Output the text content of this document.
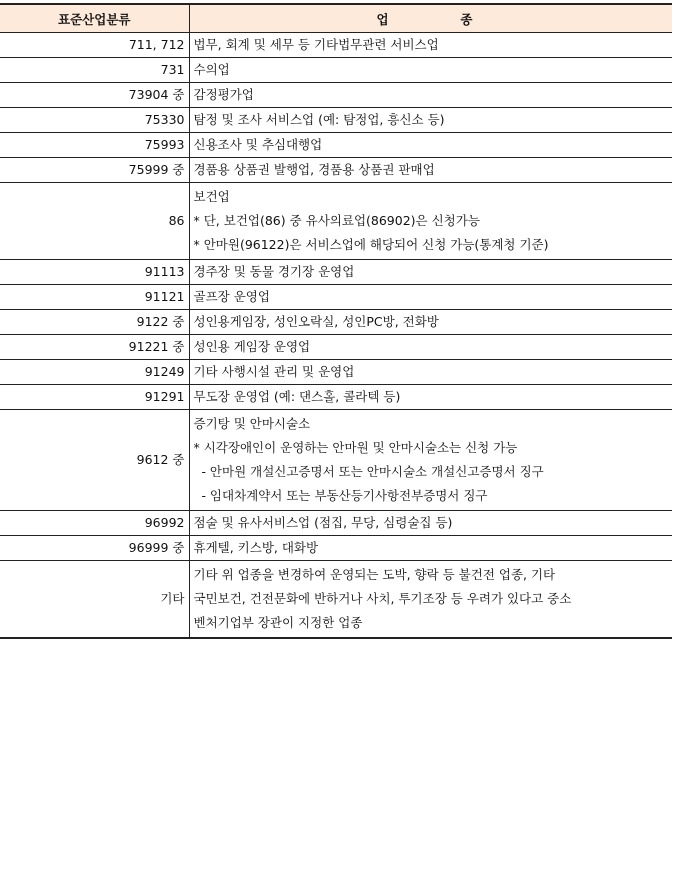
표준산업분류	업 종

711, 712	법무, 회계 및 세무 등 기타법무관련 서비스업

731	수의업

73904 중	감정평가업

75330	탐정 및 조사 서비스업 (예: 탐정업, 흥신소 등)

75993	신용조사 및 추심대행업

75999 중	경품용 상품권 발행업, 경품용 상품권 판매업

86	보건업
* 단, 보건업(86) 중 유사의료업(86902)은 신청가능
* 안마원(96122)은 서비스업에 해당되어 신청 가능(통계청 기준)

91113	경주장 및 동물 경기장 운영업

91121	골프장 운영업

9122 중	성인용게임장, 성인오락실, 성인PC방, 전화방

91221 중	성인용 게임장 운영업

91249	기타 사행시설 관리 및 운영업

91291	무도장 운영업 (예: 댄스홀, 콜라텍 등)

9612 중	증기탕 및 안마시술소
* 시각장애인이 운영하는 안마원 및 안마시술소는 신청 가능
- 안마원 개설신고증명서 또는 안마시술소 개설신고증명서 징구
- 임대차계약서 또는 부동산등기사항전부증명서 징구

96992	점술 및 유사서비스업 (점집, 무당, 심령술집 등)

96999 중	휴게텔, 키스방, 대화방

기타	기타 위 업종을 변경하여 운영되는 도박, 향락 등 불건전 업종, 기타
국민보건, 건전문화에 반하거나 사치, 투기조장 등 우려가 있다고 중소
벤처기업부 장관이 지정한 업종
